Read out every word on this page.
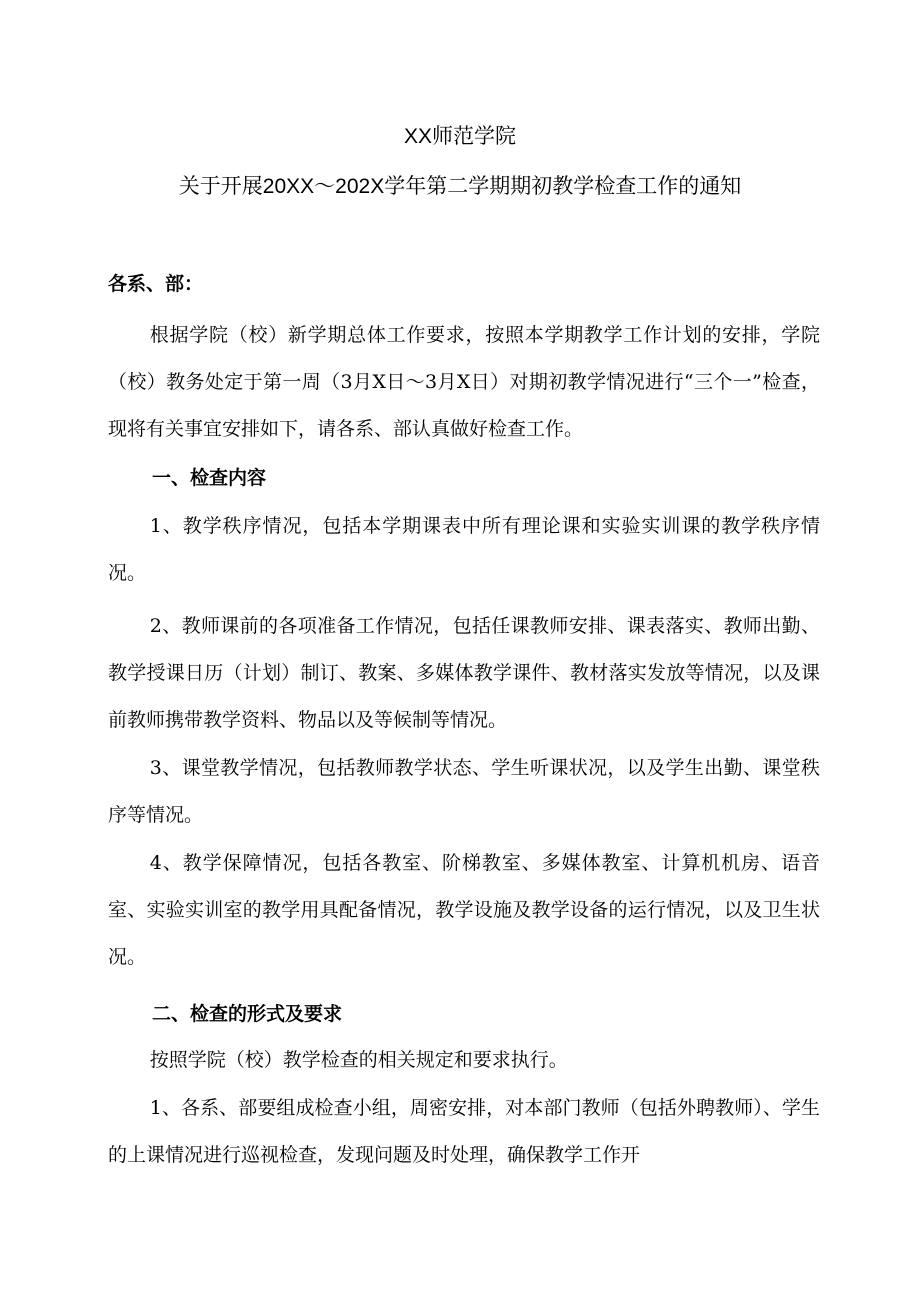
XX师范学院
关于开展20XX～202X学年第二学期期初教学检查工作的通知
各系、部：

根据学院（校）新学期总体工作要求，按照本学期教学工作计划的安排，学院（校）教务处定于第一周（3月X日～3月X日）对期初教学情况进行“三个一”检查，现将有关事宜安排如下，请各系、部认真做好检查工作。

一、检查内容

1、教学秩序情况，包括本学期课表中所有理论课和实验实训课的教学秩序情况。

2、教师课前的各项准备工作情况，包括任课教师安排、课表落实、教师出勤、教学授课日历（计划）制订、教案、多媒体教学课件、教材落实发放等情况，以及课前教师携带教学资料、物品以及等候制等情况。

3、课堂教学情况，包括教师教学状态、学生听课状况，以及学生出勤、课堂秩序等情况。

4、教学保障情况，包括各教室、阶梯教室、多媒体教室、计算机机房、语音室、实验实训室的教学用具配备情况，教学设施及教学设备的运行情况，以及卫生状况。

二、检查的形式及要求

按照学院（校）教学检查的相关规定和要求执行。

1、各系、部要组成检查小组，周密安排，对本部门教师（包括外聘教师）、学生的上课情况进行巡视检查，发现问题及时处理，确保教学工作开
